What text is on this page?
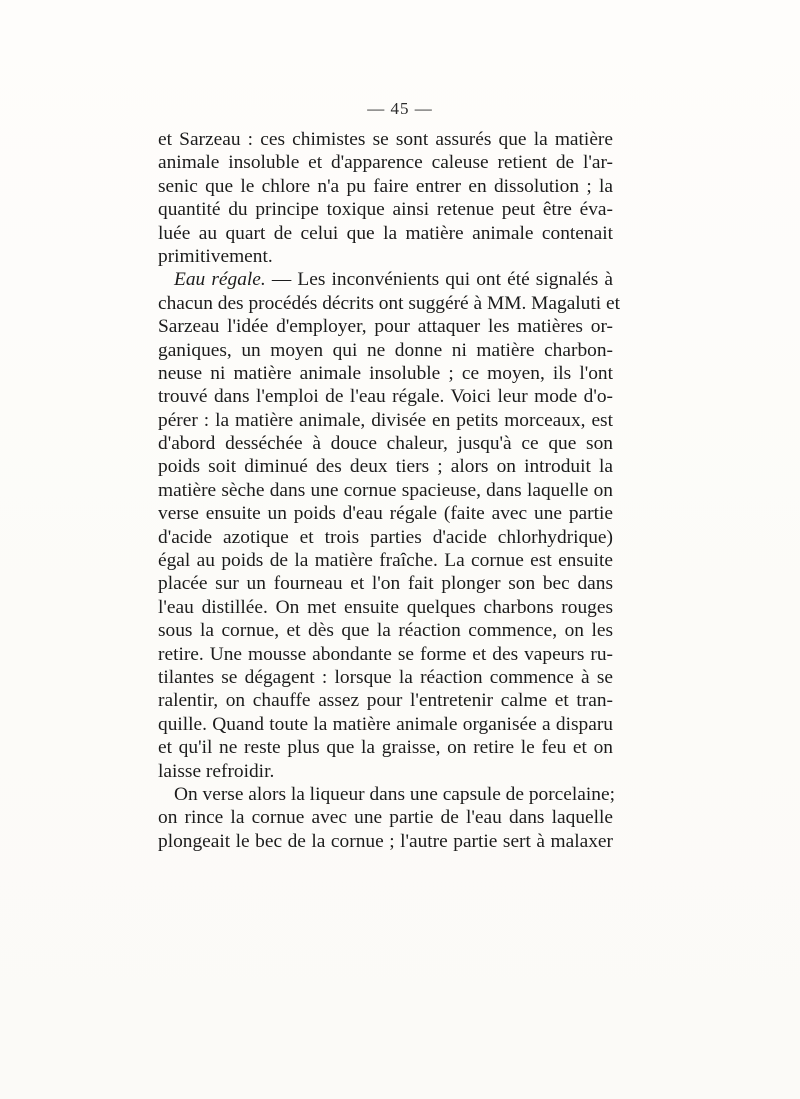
— 45 —

et Sarzeau : ces chimistes se sont assurés que la matière
animale insoluble et d'apparence caleuse retient de l'ar-
senic que le chlore n'a pu faire entrer en dissolution ; la
quantité du principe toxique ainsi retenue peut être éva-
luée au quart de celui que la matière animale contenait
primitivement.

Eau régale. — Les inconvénients qui ont été signalés à
chacun des procédés décrits ont suggéré à MM. Magaluti et
Sarzeau l'idée d'employer, pour attaquer les matières or-
ganiques, un moyen qui ne donne ni matière charbon-
neuse ni matière animale insoluble ; ce moyen, ils l'ont
trouvé dans l'emploi de l'eau régale. Voici leur mode d'o-
pérer : la matière animale, divisée en petits morceaux, est
d'abord desséchée à douce chaleur, jusqu'à ce que son
poids soit diminué des deux tiers ; alors on introduit la
matière sèche dans une cornue spacieuse, dans laquelle on
verse ensuite un poids d'eau régale (faite avec une partie
d'acide azotique et trois parties d'acide chlorhydrique)
égal au poids de la matière fraîche. La cornue est ensuite
placée sur un fourneau et l'on fait plonger son bec dans
l'eau distillée. On met ensuite quelques charbons rouges
sous la cornue, et dès que la réaction commence, on les
retire. Une mousse abondante se forme et des vapeurs ru-
tilantes se dégagent : lorsque la réaction commence à se
ralentir, on chauffe assez pour l'entretenir calme et tran-
quille. Quand toute la matière animale organisée a disparu
et qu'il ne reste plus que la graisse, on retire le feu et on
laisse refroidir.

On verse alors la liqueur dans une capsule de porcelaine;
on rince la cornue avec une partie de l'eau dans laquelle
plongeait le bec de la cornue ; l'autre partie sert à malaxer
